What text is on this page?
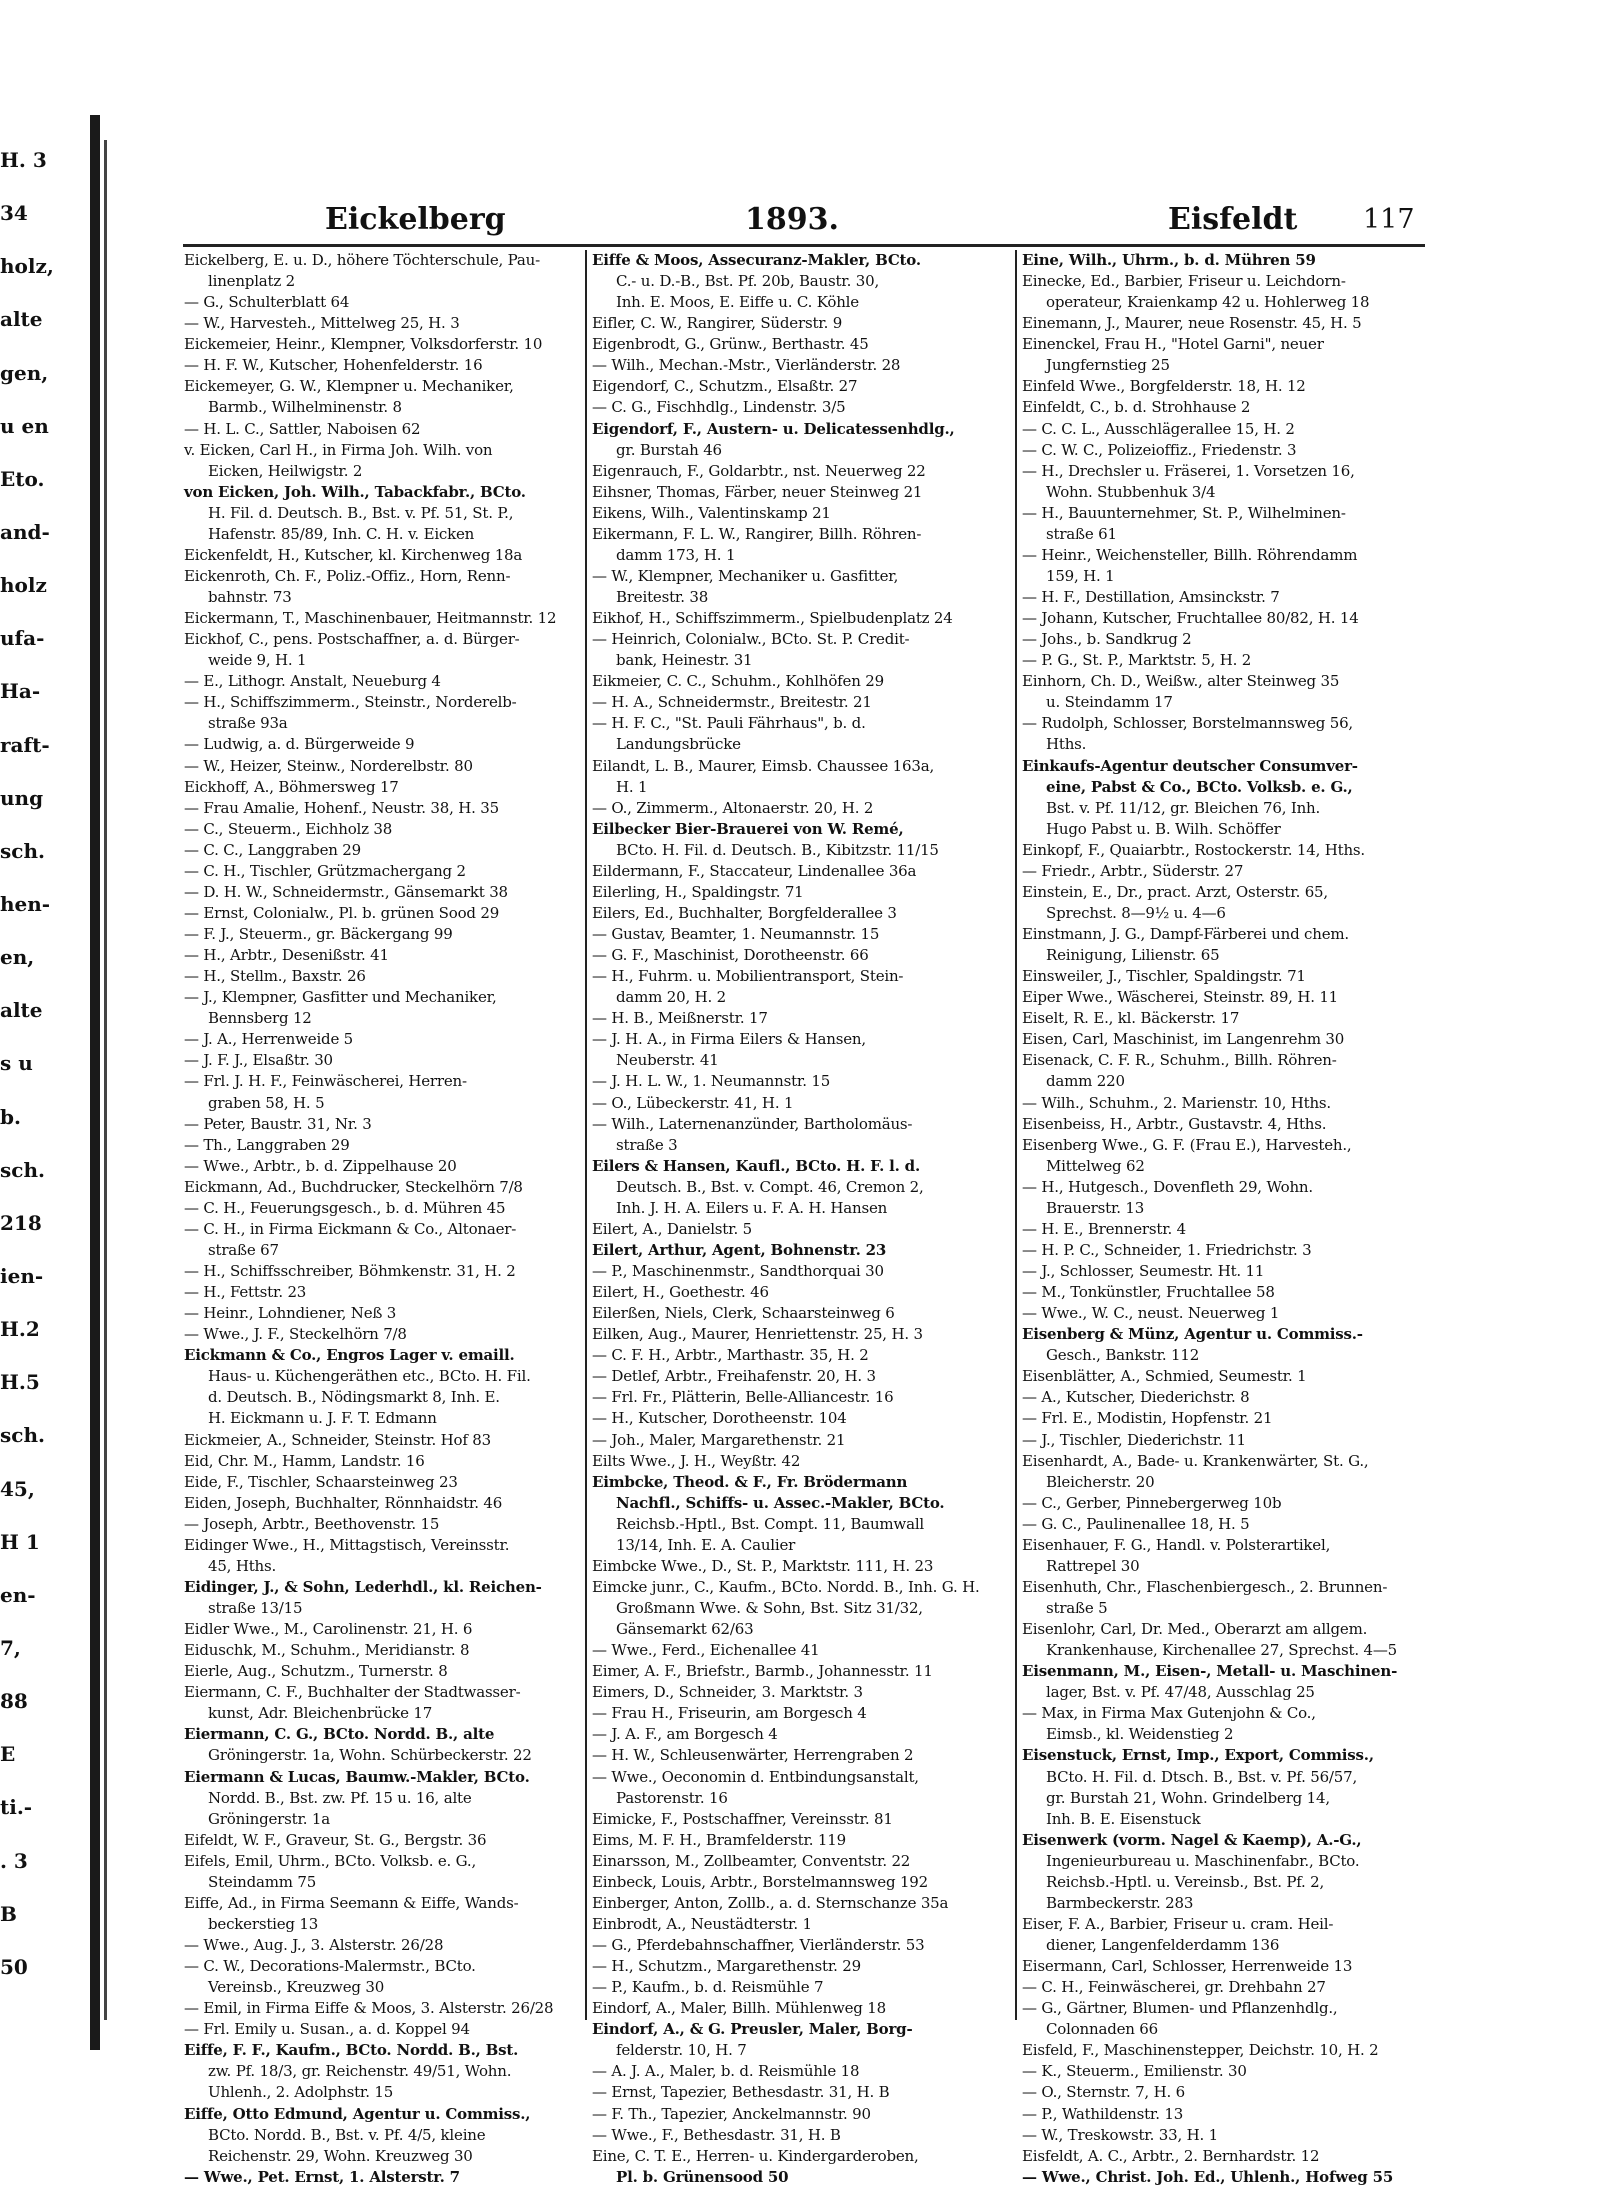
H. 3
34
holz,
alte
gen,
u en
Eto.
and-
holz
ufa-
Ha-
raft-
ung
sch.
hen-
en,
alte
s u
b.
sch.
218
ien-
H.2
H.5
sch.
45,
H 1
en-
7,
88
E
ti.-
. 3
B
50
Eickelberg	1893.	Eisfeldt 117
Eickelberg, E. u. D., höhere Töchterschule, Pau-
linenplatz 2
— G., Schulterblatt 64
— W., Harvestеh., Mittelweg 25, H. 3
Eickemeier, Heinr., Klempner, Volksdorferstr. 10
— H. F. W., Kutscher, Hohenfelderstr. 16
Eickemeyer, G. W., Klempner u. Mechaniker,
Barmb., Wilhelminenstr. 8
— H. L. C., Sattler, Naboisen 62
v. Eicken, Carl H., in Firma Joh. Wilh. von
Eicken, Heilwigstr. 2
von Eicken, Joh. Wilh., Tabackfabr., BCto.
H. Fil. d. Deutsch. B., Bst. v. Pf. 51, St. P.,
Hafenstr. 85/89, Inh. C. H. v. Eicken
Eickenfeldt, H., Kutscher, kl. Kirchenweg 18a
Eickenroth, Ch. F., Poliz.-Offiz., Horn, Renn-
bahnstr. 73
Eickermann, T., Maschinenbauer, Heitmannstr. 12
Eickhof, C., pens. Postschaffner, a. d. Bürger-
weide 9, H. 1
— E., Lithogr. Anstalt, Neueburg 4
— H., Schiffszimmerm., Steinstr., Norderelb-
straße 93a
— Ludwig, a. d. Bürgerweide 9
— W., Heizer, Steinw., Norderelbstr. 80
Eickhoff, A., Böhmersweg 17
— Frau Amalie, Hohenf., Neustr. 38, H. 35
— C., Steuerm., Eichholz 38
— C. C., Langgraben 29
— C. H., Tischler, Grützmachergang 2
— D. H. W., Schneidermstr., Gänsemarkt 38
— Ernst, Colonialw., Pl. b. grünen Sood 29
— F. J., Steuerm., gr. Bäckergang 99
— H., Arbtr., Desenißstr. 41
— H., Stellm., Baxstr. 26
— J., Klempner, Gasfitter und Mechaniker,
Bennsberg 12
— J. A., Herrenweide 5
— J. F. J., Elsaßtr. 30
— Frl. J. H. F., Feinwäscherei, Herren-
graben 58, H. 5
— Peter, Baustr. 31, Nr. 3
— Th., Langgraben 29
— Wwe., Arbtr., b. d. Zippelhause 20
Eickmann, Ad., Buchdrucker, Steckelhörn 7/8
— C. H., Feuerungsgesch., b. d. Mühren 45
— C. H., in Firma Eickmann & Co., Altonaer-
straße 67
— H., Schiffsschreiber, Böhmkenstr. 31, H. 2
— H., Fettstr. 23
— Heinr., Lohndiener, Neß 3
— Wwe., J. F., Steckelhörn 7/8
Eickmann & Co., Engros Lager v. emaill.
Haus- u. Küchengeräthen etc., BCto. H. Fil.
d. Deutsch. B., Nödingsmarkt 8, Inh. E.
H. Eickmann u. J. F. T. Edmann
Eickmeier, A., Schneider, Steinstr. Hof 83
Eid, Chr. M., Hamm, Landstr. 16
Eide, F., Tischler, Schaarsteinweg 23
Eiden, Joseph, Buchhalter, Rönnhaidstr. 46
— Joseph, Arbtr., Beethovenstr. 15
Eidinger Wwe., H., Mittagstisch, Vereinsstr.
45, Hths.
Eidinger, J., & Sohn, Lederhdl., kl. Reichen-
straße 13/15
Eidler Wwe., M., Carolinenstr. 21, H. 6
Eiduschk, M., Schuhm., Meridianstr. 8
Eierle, Aug., Schutzm., Turnerstr. 8
Eiermann, C. F., Buchhalter der Stadtwasser-
kunst, Adr. Bleichenbrücke 17
Eiermann, C. G., BCto. Nordd. B., alte
Gröningerstr. 1a, Wohn. Schürbeckerstr. 22
Eiermann & Lucas, Baumw.-Makler, BCto.
Nordd. B., Bst. zw. Pf. 15 u. 16, alte
Gröningerstr. 1a
Eifeldt, W. F., Graveur, St. G., Bergstr. 36
Eifels, Emil, Uhrm., BCto. Volksb. e. G.,
Steindamm 75
Eiffe, Ad., in Firma Seemann & Eiffe, Wands-
beckerstieg 13
— Wwe., Aug. J., 3. Alsterstr. 26/28
— C. W., Decorations-Malermstr., BCto.
Vereinsb., Kreuzweg 30
— Emil, in Firma Eiffe & Moos, 3. Alsterstr. 26/28
— Frl. Emily u. Susan., a. d. Koppel 94
Eiffe, F. F., Kaufm., BCto. Nordd. B., Bst.
zw. Pf. 18/3, gr. Reichenstr. 49/51, Wohn.
Uhlenh., 2. Adolphstr. 15
Eiffe, Otto Edmund, Agentur u. Commiss.,
BCto. Nordd. B., Bst. v. Pf. 4/5, kleine
Reichenstr. 29, Wohn. Kreuzweg 30
— Wwe., Pet. Ernst, 1. Alsterstr. 7
Eiffe & Moos, Assecuranz-Makler, BCto.
C.- u. D.-B., Bst. Pf. 20b, Baustr. 30,
Inh. E. Moos, E. Eiffe u. C. Köhle
Eifler, C. W., Rangirer, Süderstr. 9
Eigenbrodt, G., Grünw., Berthastr. 45
— Wilh., Mechan.-Mstr., Vierländerstr. 28
Eigendorf, C., Schutzm., Elsaßtr. 27
— C. G., Fischhdlg., Lindenstr. 3/5
Eigendorf, F., Austern- u. Delicatessenhdlg.,
gr. Burstah 46
Eigenrauch, F., Goldarbtr., nst. Neuerweg 22
Eihsner, Thomas, Färber, neuer Steinweg 21
Eikens, Wilh., Valentinskamp 21
Eikermann, F. L. W., Rangirer, Billh. Röhren-
damm 173, H. 1
— W., Klempner, Mechaniker u. Gasfitter,
Breitestr. 38
Eikhof, H., Schiffszimmerm., Spielbudenplatz 24
— Heinrich, Colonialw., BCto. St. P. Credit-
bank, Heinestr. 31
Eikmeier, C. C., Schuhm., Kohlhöfen 29
— H. A., Schneidermstr., Breitestr. 21
— H. F. C., "St. Pauli Fährhaus", b. d.
Landungsbrücke
Eilandt, L. B., Maurer, Eimsb. Chaussee 163a,
H. 1
— O., Zimmerm., Altonaerstr. 20, H. 2
Eilbecker Bier-Brauerei von W. Remé,
BCto. H. Fil. d. Deutsch. B., Kibitzstr. 11/15
Eildermann, F., Staccateur, Lindenallee 36a
Eilerling, H., Spaldingstr. 71
Eilers, Ed., Buchhalter, Borgfelderallee 3
— Gustav, Beamter, 1. Neumannstr. 15
— G. F., Maschinist, Dorotheenstr. 66
— H., Fuhrm. u. Mobilientransport, Stein-
damm 20, H. 2
— H. B., Meißnerstr. 17
— J. H. A., in Firma Eilers & Hansen,
Neuberstr. 41
— J. H. L. W., 1. Neumannstr. 15
— O., Lübeckerstr. 41, H. 1
— Wilh., Laternenanzünder, Bartholomäus-
straße 3
Eilers & Hansen, Kaufl., BCto. H. F. l. d.
Deutsch. B., Bst. v. Compt. 46, Cremon 2,
Inh. J. H. A. Eilers u. F. A. H. Hansen
Eilert, A., Danielstr. 5
Eilert, Arthur, Agent, Bohnenstr. 23
— P., Maschinenmstr., Sandthorquai 30
Eilert, H., Goethestr. 46
Eilerßen, Niels, Clerk, Schaarsteinweg 6
Eilken, Aug., Maurer, Henriettenstr. 25, H. 3
— C. F. H., Arbtr., Marthastr. 35, H. 2
— Detlef, Arbtr., Freihafenstr. 20, H. 3
— Frl. Fr., Plätterin, Belle-Alliancestr. 16
— H., Kutscher, Dorotheenstr. 104
— Joh., Maler, Margarethenstr. 21
Eilts Wwe., J. H., Weyßtr. 42
Eimbcke, Theod. & F., Fr. Brödermann
Nachfl., Schiffs- u. Assec.-Makler, BCto.
Reichsb.-Hptl., Bst. Compt. 11, Baumwall
13/14, Inh. E. A. Caulier
Eimbcke Wwe., D., St. P., Marktstr. 111, H. 23
Eimcke junr., C., Kaufm., BCto. Nordd. B., Inh. G. H.
Großmann Wwe. & Sohn, Bst. Sitz 31/32,
Gänsemarkt 62/63
— Wwe., Ferd., Eichenallee 41
Eimer, A. F., Briefstr., Barmb., Johannesstr. 11
Eimers, D., Schneider, 3. Marktstr. 3
— Frau H., Friseurin, am Borgesch 4
— J. A. F., am Borgesch 4
— H. W., Schleusenwärter, Herrengraben 2
— Wwe., Oeconomin d. Entbindungsanstalt,
Pastorenstr. 16
Eimicke, F., Postschaffner, Vereinsstr. 81
Eims, M. F. H., Bramfelderstr. 119
Einarsson, M., Zollbeamter, Conventstr. 22
Einbeck, Louis, Arbtr., Borstelmannsweg 192
Einberger, Anton, Zollb., a. d. Sternschanze 35a
Einbrodt, A., Neustädterstr. 1
— G., Pferdebahnschaffner, Vierländerstr. 53
— H., Schutzm., Margarethenstr. 29
— P., Kaufm., b. d. Reismühle 7
Eindorf, A., Maler, Billh. Mühlenweg 18
Eindorf, A., & G. Preusler, Maler, Borg-
felderstr. 10, H. 7
— A. J. A., Maler, b. d. Reismühle 18
— Ernst, Tapezier, Bethesdastr. 31, H. B
— F. Th., Tapezier, Anckelmannstr. 90
— Wwe., F., Bethesdastr. 31, H. B
Eine, C. T. E., Herren- u. Kindergarderoben,
Pl. b. Grünensood 50
Eine, Wilh., Uhrm., b. d. Mühren 59
Einecke, Ed., Barbier, Friseur u. Leichdorn-
operateur, Kraienkamp 42 u. Hohlerweg 18
Einemann, J., Maurer, neue Rosenstr. 45, H. 5
Einenckel, Frau H., "Hotel Garni", neuer
Jungfernstieg 25
Einfeld Wwe., Borgfelderstr. 18, H. 12
Einfeldt, C., b. d. Strohhause 2
— C. C. L., Ausschlägerallee 15, H. 2
— C. W. C., Polizeioffiz., Friedenstr. 3
— H., Drechsler u. Fräserei, 1. Vorsetzen 16,
Wohn. Stubbenhuk 3/4
— H., Bauunternehmer, St. P., Wilhelminen-
straße 61
— Heinr., Weichensteller, Billh. Röhrendamm
159, H. 1
— H. F., Destillation, Amsinckstr. 7
— Johann, Kutscher, Fruchtallee 80/82, H. 14
— Johs., b. Sandkrug 2
— P. G., St. P., Marktstr. 5, H. 2
Einhorn, Ch. D., Weißw., alter Steinweg 35
u. Steindamm 17
— Rudolph, Schlosser, Borstelmannsweg 56,
Hths.
Einkaufs-Agentur deutscher Consumver-
eine, Pabst & Co., BCto. Volksb. e. G.,
Bst. v. Pf. 11/12, gr. Bleichen 76, Inh.
Hugo Pabst u. B. Wilh. Schöffer
Einkopf, F., Quaiarbtr., Rostockerstr. 14, Hths.
— Friedr., Arbtr., Süderstr. 27
Einstein, E., Dr., pract. Arzt, Osterstr. 65,
Sprechst. 8—9½ u. 4—6
Einstmann, J. G., Dampf-Färberei und chem.
Reinigung, Lilienstr. 65
Einsweiler, J., Tischler, Spaldingstr. 71
Eiper Wwe., Wäscherei, Steinstr. 89, H. 11
Eiselt, R. E., kl. Bäckerstr. 17
Eisen, Carl, Maschinist, im Langenrehm 30
Eisenack, C. F. R., Schuhm., Billh. Röhren-
damm 220
— Wilh., Schuhm., 2. Marienstr. 10, Hths.
Eisenbeiss, H., Arbtr., Gustavstr. 4, Hths.
Eisenberg Wwe., G. F. (Frau E.), Harvestеh.,
Mittelweg 62
— H., Hutgesch., Dovenfleth 29, Wohn.
Brauerstr. 13
— H. E., Brennerstr. 4
— H. P. C., Schneider, 1. Friedrichstr. 3
— J., Schlosser, Seumestr. Ht. 11
— M., Tonkünstler, Fruchtallee 58
— Wwe., W. C., neust. Neuerweg 1
Eisenberg & Münz, Agentur u. Commiss.-
Gesch., Bankstr. 112
Eisenblätter, A., Schmied, Seumestr. 1
— A., Kutscher, Diederichstr. 8
— Frl. E., Modistin, Hopfenstr. 21
— J., Tischler, Diederichstr. 11
Eisenhardt, A., Bade- u. Krankenwärter, St. G.,
Bleicherstr. 20
— C., Gerber, Pinnebergerweg 10b
— G. C., Paulinenallee 18, H. 5
Eisenhauer, F. G., Handl. v. Polsterartikel,
Rattrepel 30
Eisenhuth, Chr., Flaschenbiergesch., 2. Brunnen-
straße 5
Eisenlohr, Carl, Dr. Med., Oberarzt am allgem.
Krankenhause, Kirchenallee 27, Sprechst. 4—5
Eisenmann, M., Eisen-, Metall- u. Maschinen-
lager, Bst. v. Pf. 47/48, Ausschlag 25
— Max, in Firma Max Gutenjohn & Co.,
Eimsb., kl. Weidenstieg 2
Eisenstuck, Ernst, Imp., Export, Commiss.,
BCto. H. Fil. d. Dtsch. B., Bst. v. Pf. 56/57,
gr. Burstah 21, Wohn. Grindelberg 14,
Inh. B. E. Eisenstuck
Eisenwerk (vorm. Nagel & Kaemp), A.-G.,
Ingenieurbureau u. Maschinenfabr., BCto.
Reichsb.-Hptl. u. Vereinsb., Bst. Pf. 2,
Barmbeckerstr. 283
Eiser, F. A., Barbier, Friseur u. cram. Heil-
diener, Langenfelderdamm 136
Eisermann, Carl, Schlosser, Herrenweide 13
— C. H., Feinwäscherei, gr. Drehbahn 27
— G., Gärtner, Blumen- und Pflanzenhdlg.,
Colonnaden 66
Eisfeld, F., Maschinenstepper, Deichstr. 10, H. 2
— K., Steuerm., Emilienstr. 30
— O., Sternstr. 7, H. 6
— P., Wathildenstr. 13
— W., Treskowstr. 33, H. 1
Eisfeldt, A. C., Arbtr., 2. Bernhardstr. 12
— Wwe., Christ. Joh. Ed., Uhlenh., Hofweg 55
